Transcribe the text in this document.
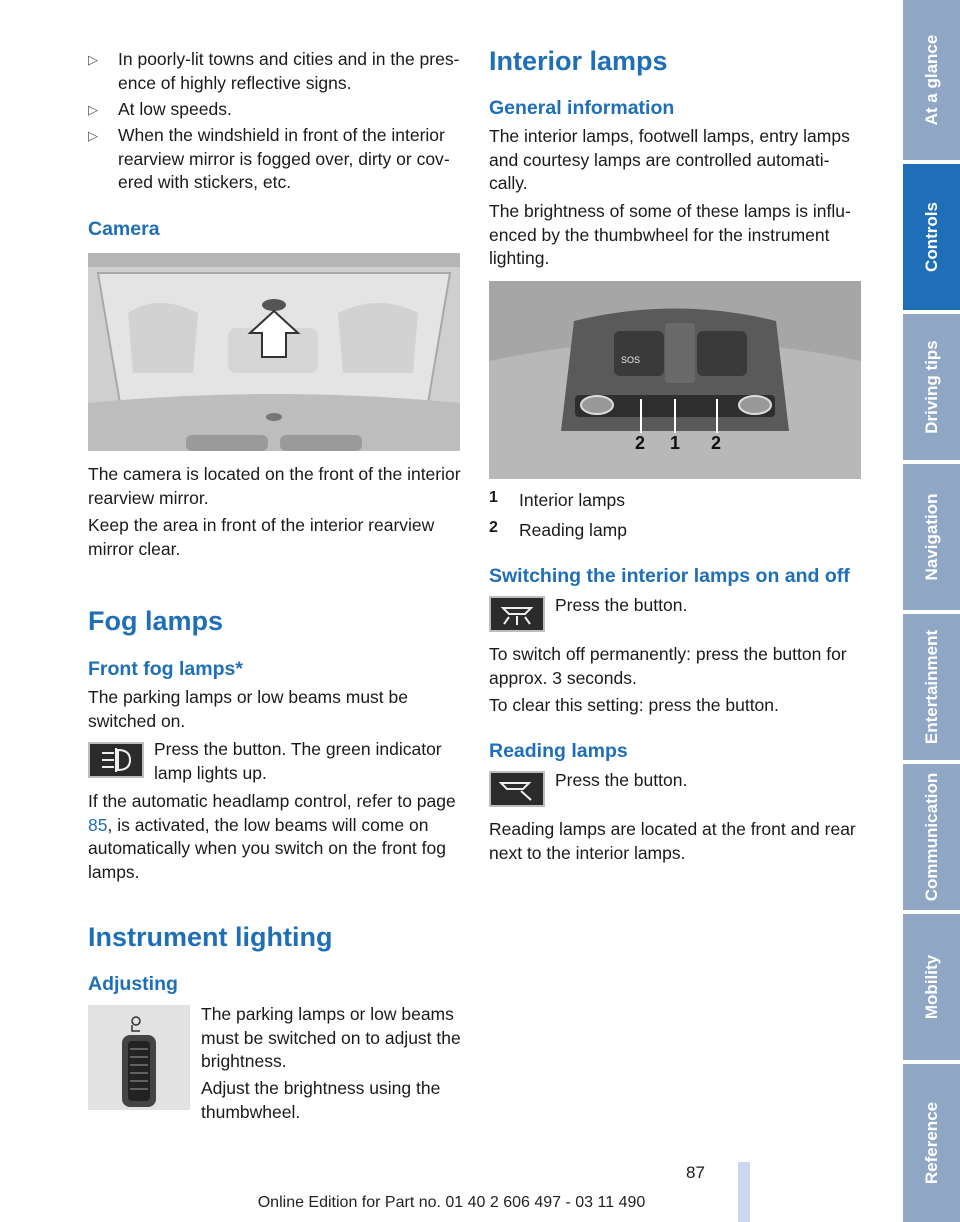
▷ In poorly-lit towns and cities and in the presence of highly reflective signs.

▷ At low speeds.

▷ When the windshield in front of the interior rearview mirror is fogged over, dirty or covered with stickers, etc.

Camera

The camera is located on the front of the interior rearview mirror.

Keep the area in front of the interior rearview mirror clear.

Fog lamps
Front fog lamps*

The parking lamps or low beams must be switched on.

Press the button. The green indicator lamp lights up.

If the automatic headlamp control, refer to page 85, is activated, the low beams will come on automatically when you switch on the front fog lamps.

Instrument lighting
Adjusting

The parking lamps or low beams must be switched on to adjust the brightness.

Adjust the brightness using the thumbwheel.

Interior lamps
General information

The interior lamps, footwell lamps, entry lamps and courtesy lamps are controlled automatically.

The brightness of some of these lamps is influenced by the thumbwheel for the instrument lighting.

SOS
2 1 2
1 Interior lamps

2 Reading lamp

Switching the interior lamps on and off

Press the button.

To switch off permanently: press the button for approx. 3 seconds.

To clear this setting: press the button.

Reading lamps

Press the button.

Reading lamps are located at the front and rear next to the interior lamps.

At a glance
Controls
Driving tips
Navigation
Entertainment
Communication
Mobility
Reference
87
Online Edition for Part no. 01 40 2 606 497 - 03 11 490
